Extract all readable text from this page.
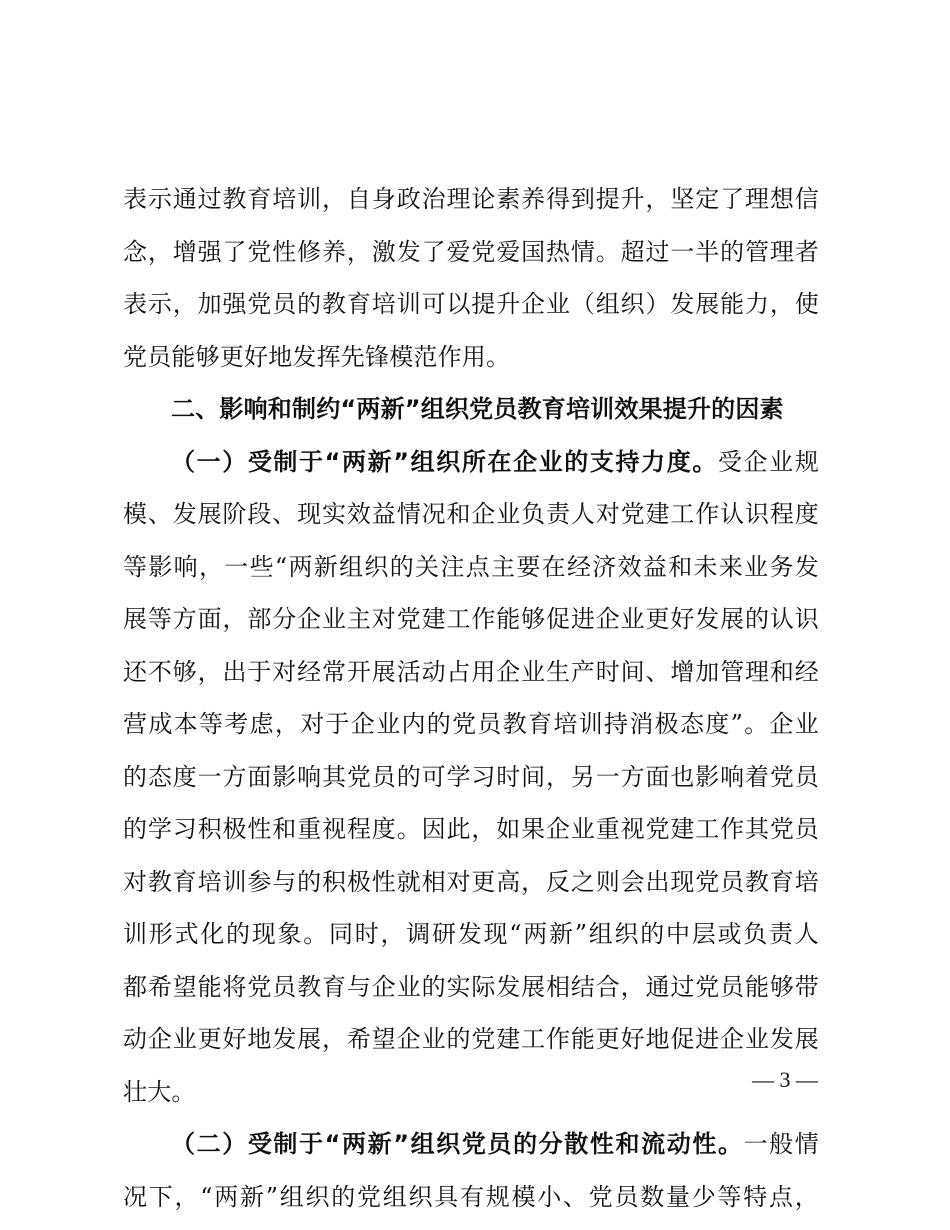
表示通过教育培训，自身政治理论素养得到提升，坚定了理想信
念，增强了党性修养，激发了爱党爱国热情。超过一半的管理者
表示，加强党员的教育培训可以提升企业（组织）发展能力，使
党员能够更好地发挥先锋模范作用。
二、影响和制约“两新”组织党员教育培训效果提升的因素
（一）受制于“两新”组织所在企业的支持力度。受企业规
模、发展阶段、现实效益情况和企业负责人对党建工作认识程度
等影响，一些“两新组织的关注点主要在经济效益和未来业务发
展等方面，部分企业主对党建工作能够促进企业更好发展的认识
还不够，出于对经常开展活动占用企业生产时间、增加管理和经
营成本等考虑，对于企业内的党员教育培训持消极态度”。企业
的态度一方面影响其党员的可学习时间，另一方面也影响着党员
的学习积极性和重视程度。因此，如果企业重视党建工作其党员
对教育培训参与的积极性就相对更高，反之则会出现党员教育培
训形式化的现象。同时，调研发现“两新”组织的中层或负责人
都希望能将党员教育与企业的实际发展相结合，通过党员能够带
动企业更好地发展，希望企业的党建工作能更好地促进企业发展
壮大。
（二）受制于“两新”组织党员的分散性和流动性。一般情
况下，“两新”组织的党组织具有规模小、党员数量少等特点，
— 3 —
